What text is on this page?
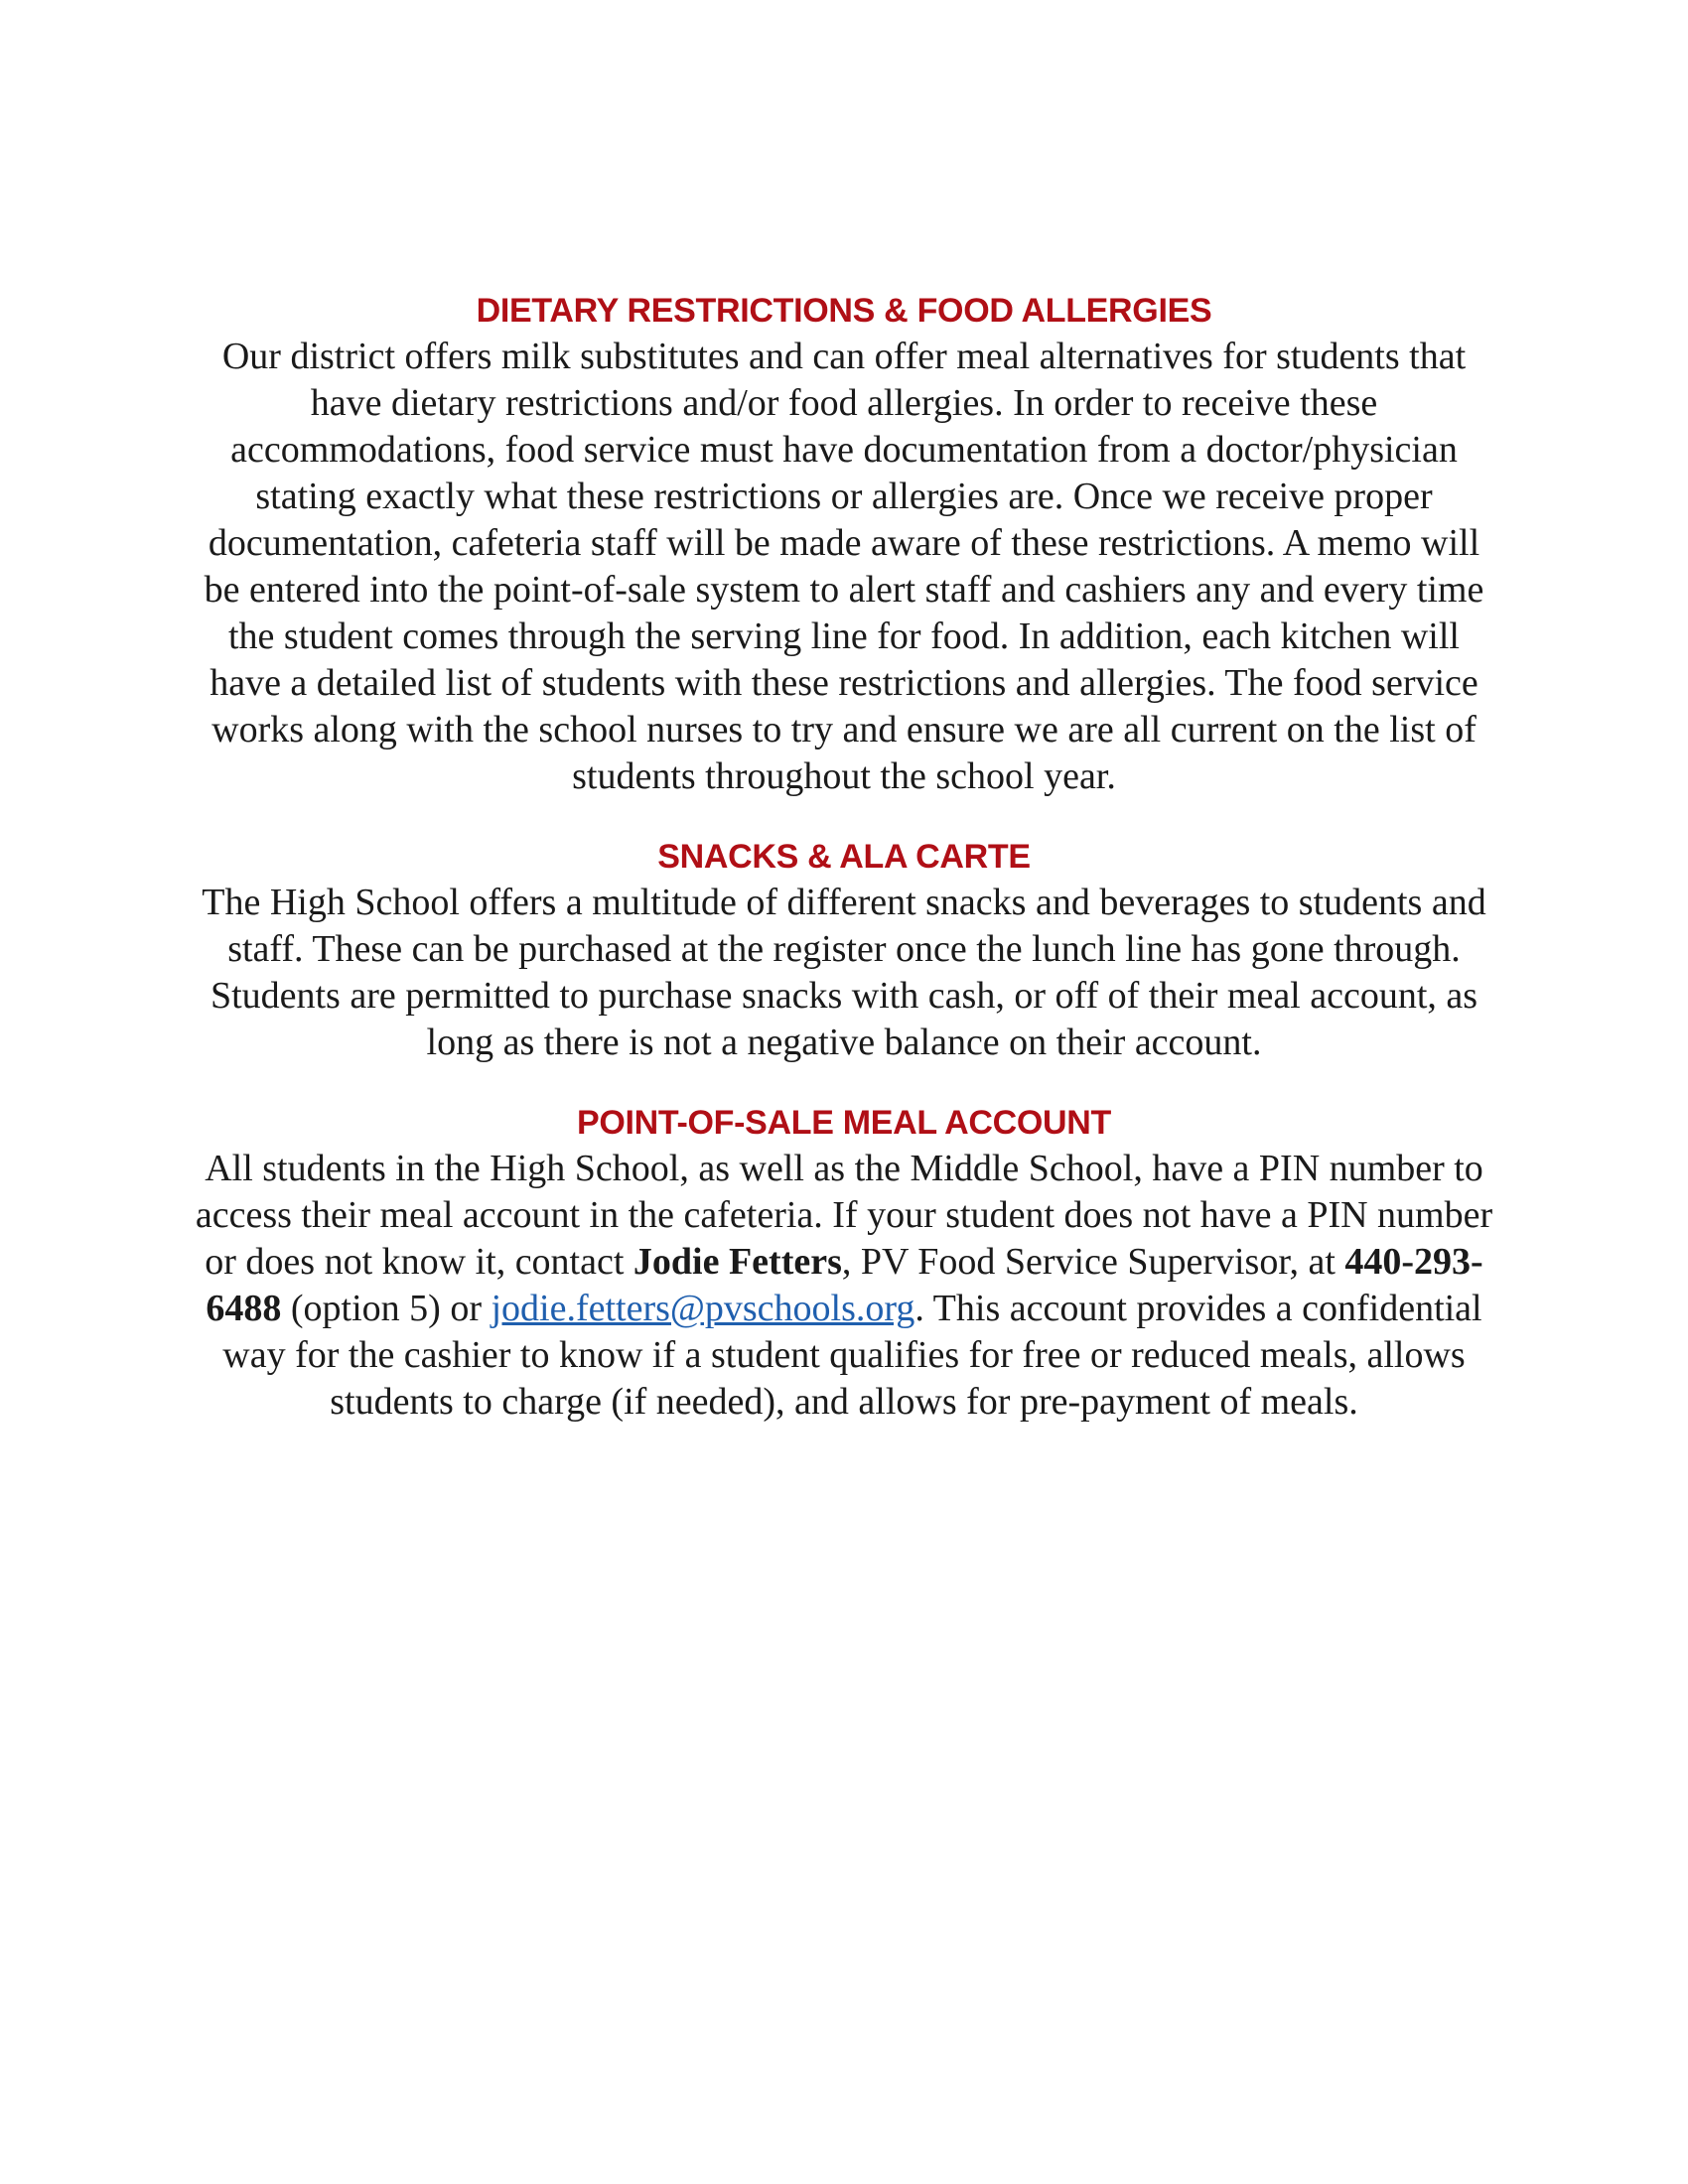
DIETARY RESTRICTIONS & FOOD ALLERGIES

Our district offers milk substitutes and can offer meal alternatives for students that have dietary restrictions and/or food allergies. In order to receive these accommodations, food service must have documentation from a doctor/physician stating exactly what these restrictions or allergies are. Once we receive proper documentation, cafeteria staff will be made aware of these restrictions. A memo will be entered into the point-of-sale system to alert staff and cashiers any and every time the student comes through the serving line for food. In addition, each kitchen will have a detailed list of students with these restrictions and allergies. The food service works along with the school nurses to try and ensure we are all current on the list of students throughout the school year.

SNACKS & ALA CARTE

The High School offers a multitude of different snacks and beverages to students and staff. These can be purchased at the register once the lunch line has gone through. Students are permitted to purchase snacks with cash, or off of their meal account, as long as there is not a negative balance on their account.

POINT-OF-SALE MEAL ACCOUNT

All students in the High School, as well as the Middle School, have a PIN number to access their meal account in the cafeteria. If your student does not have a PIN number or does not know it, contact Jodie Fetters, PV Food Service Supervisor, at 440-293-6488 (option 5) or jodie.fetters@pvschools.org. This account provides a confidential way for the cashier to know if a student qualifies for free or reduced meals, allows students to charge (if needed), and allows for pre-payment of meals.
